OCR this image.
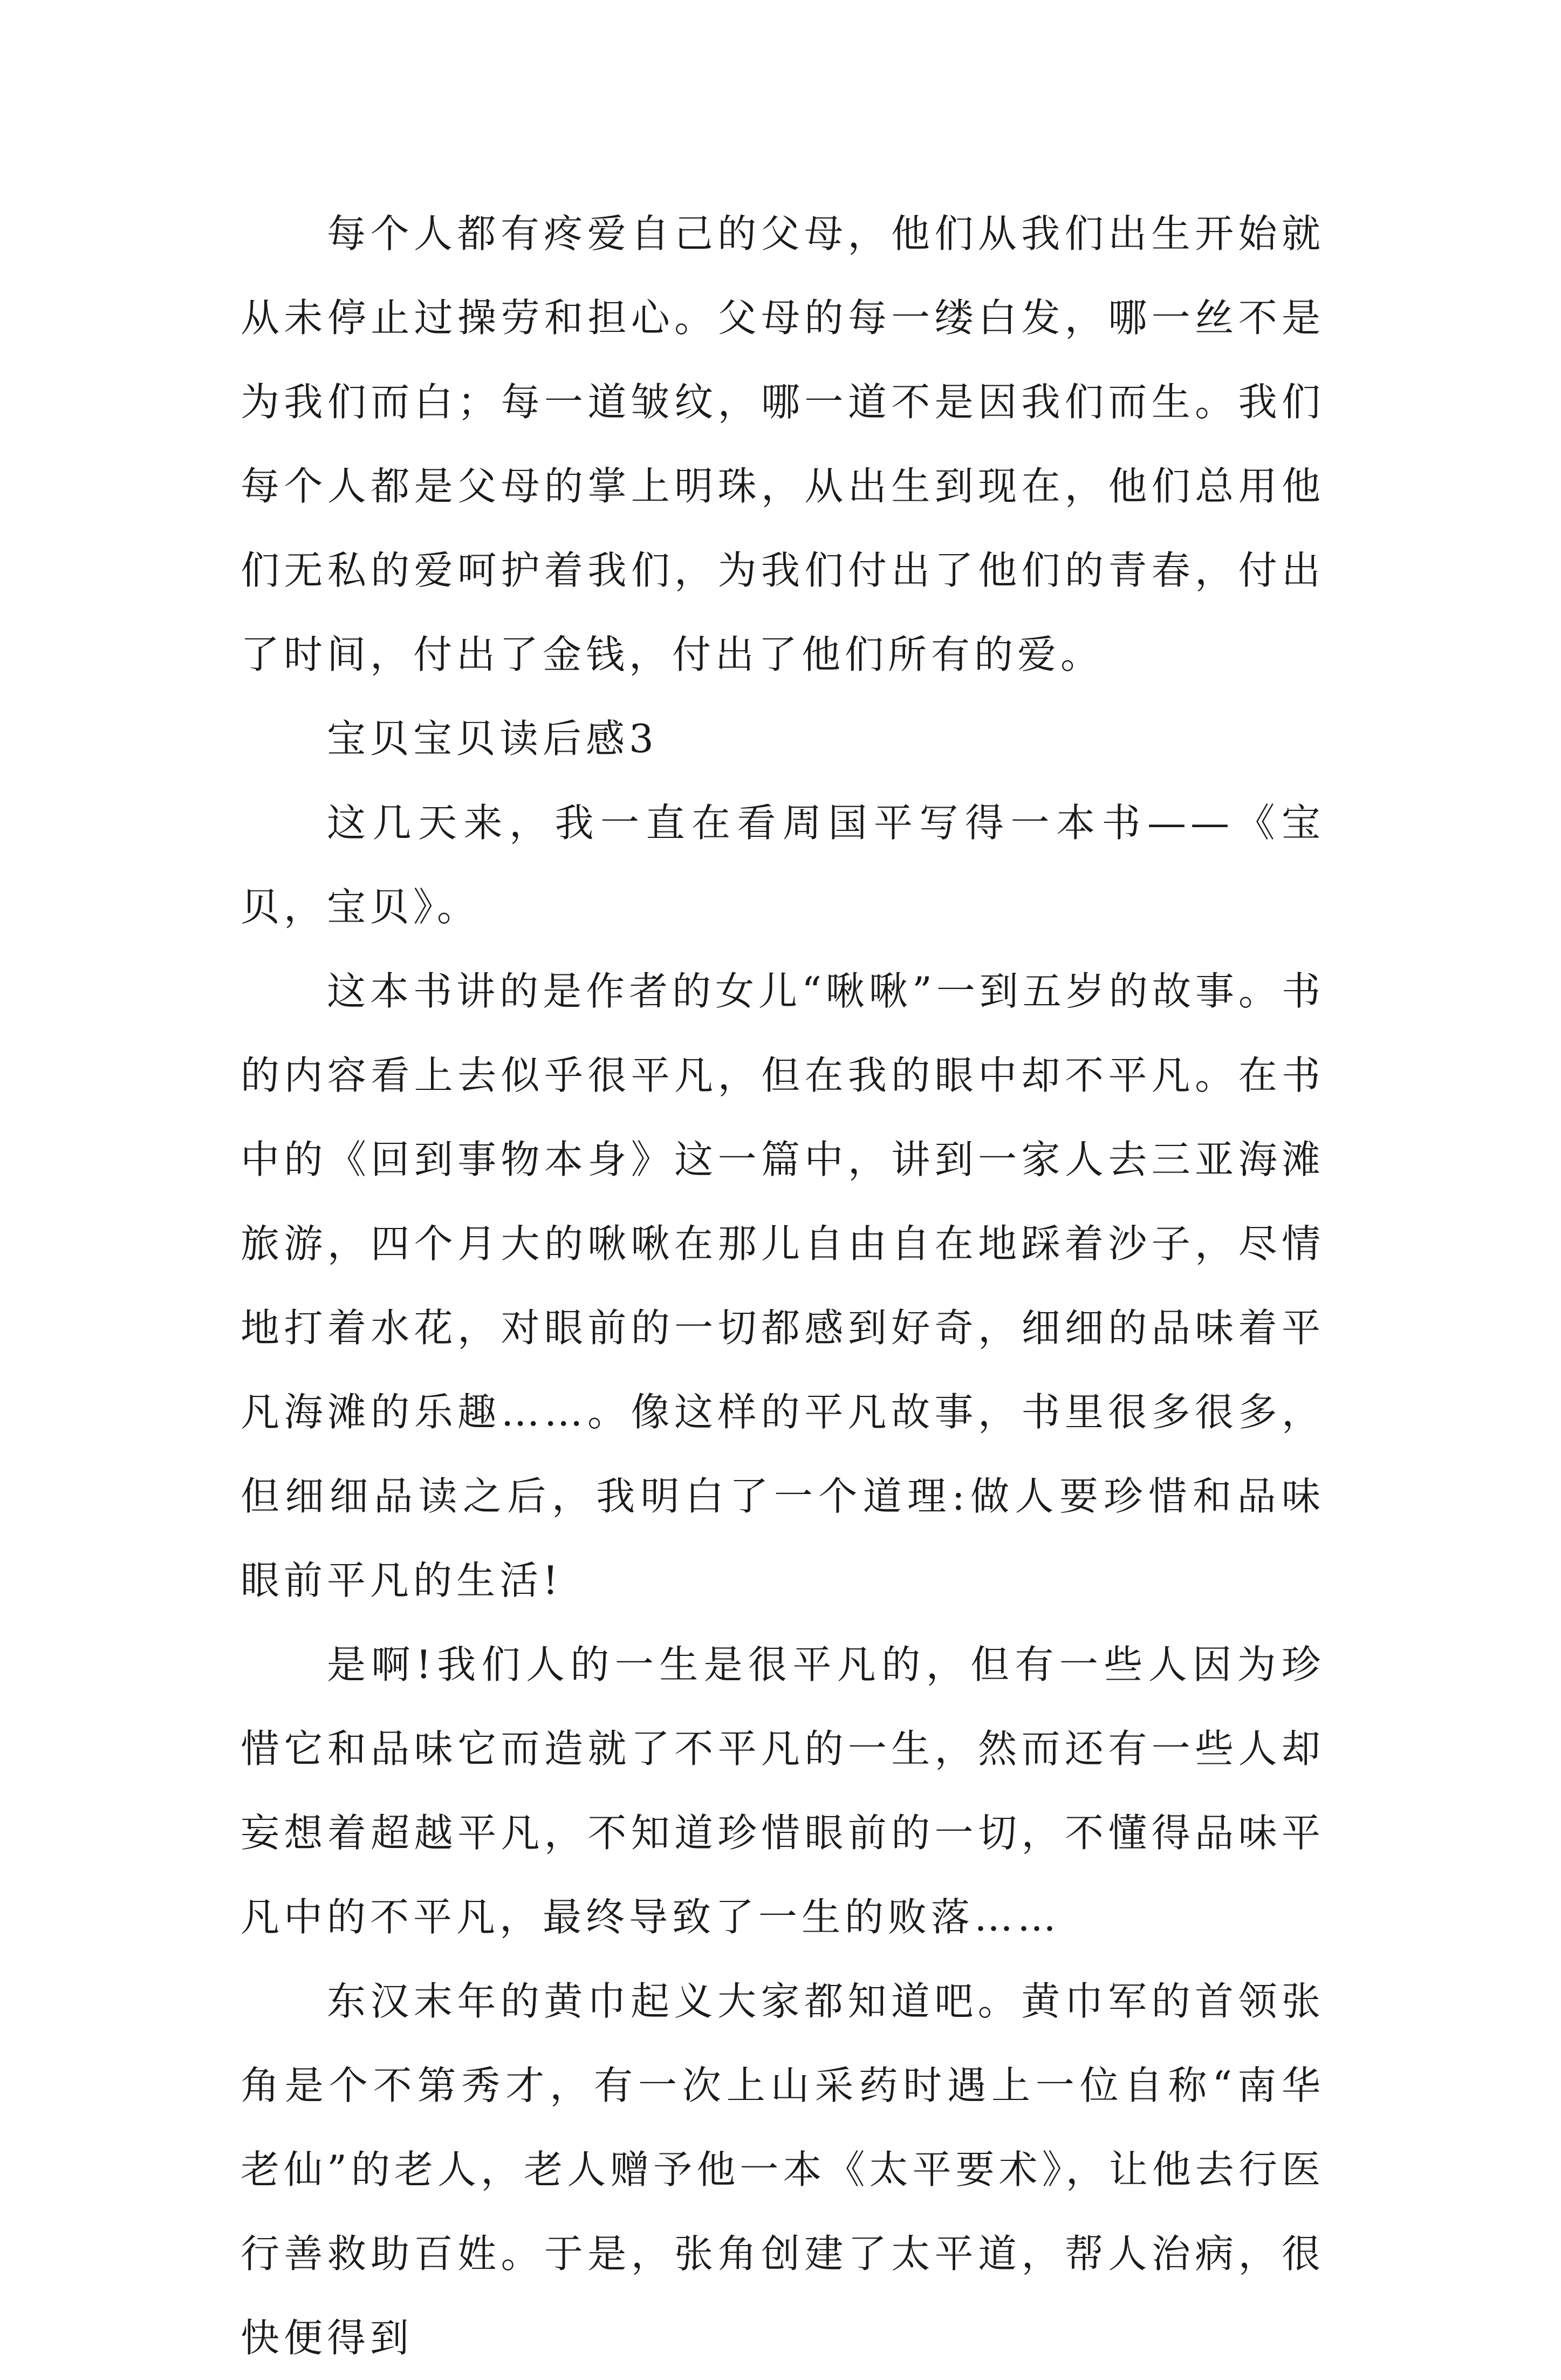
每个人都有疼爱自己的父母，他们从我们出生开始就从未停止过操劳和担心。父母的每一缕白发，哪一丝不是为我们而白；每一道皱纹，哪一道不是因我们而生。我们每个人都是父母的掌上明珠，从出生到现在，他们总用他们无私的爱呵护着我们，为我们付出了他们的青春，付出了时间，付出了金钱，付出了他们所有的爱。

宝贝宝贝读后感3

这几天来，我一直在看周国平写得一本书——《宝贝，宝贝》。

这本书讲的是作者的女儿“啾啾”一到五岁的故事。书的内容看上去似乎很平凡，但在我的眼中却不平凡。在书中的《回到事物本身》这一篇中，讲到一家人去三亚海滩旅游，四个月大的啾啾在那儿自由自在地踩着沙子，尽情地打着水花，对眼前的一切都感到好奇，细细的品味着平凡海滩的乐趣……。像这样的平凡故事，书里很多很多，但细细品读之后，我明白了一个道理:做人要珍惜和品味眼前平凡的生活!

是啊!我们人的一生是很平凡的，但有一些人因为珍惜它和品味它而造就了不平凡的一生，然而还有一些人却妄想着超越平凡，不知道珍惜眼前的一切，不懂得品味平凡中的不平凡，最终导致了一生的败落……

东汉末年的黄巾起义大家都知道吧。黄巾军的首领张角是个不第秀才，有一次上山采药时遇上一位自称“南华老仙”的老人，老人赠予他一本《太平要术》，让他去行医行善救助百姓。于是，张角创建了太平道，帮人治病，很快便得到
